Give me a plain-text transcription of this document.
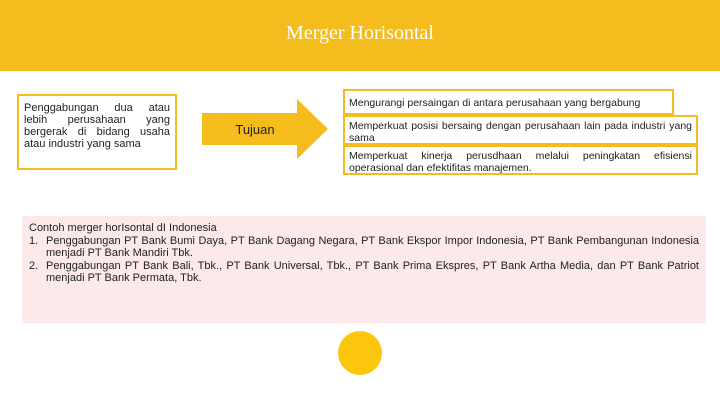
Merger Horisontal
Penggabungan dua atau lebih perusahaan yang bergerak di bidang usaha atau industri yang sama
Tujuan
Mengurangi persaingan di antara perusahaan yang bergabung
Memperkuat posisi bersaing dengan perusahaan lain pada industri yang sama
Memperkuat kinerja perusdhaan melalui peningkatan efisiensi operasional dan efektifitas manajemen.
Contoh merger horIsontal dI Indonesia
1. Penggabungan PT Bank Bumi Daya, PT Bank Dagang Negara, PT Bank Ekspor Impor Indonesia, PT Bank Pembangunan Indonesia menjadi PT Bank Mandiri Tbk.
2. Penggabungan PT Bank Bali, Tbk., PT Bank Universal, Tbk., PT Bank Prima Ekspres, PT Bank Artha Media, dan PT Bank Patriot menjadi PT Bank Permata, Tbk.
